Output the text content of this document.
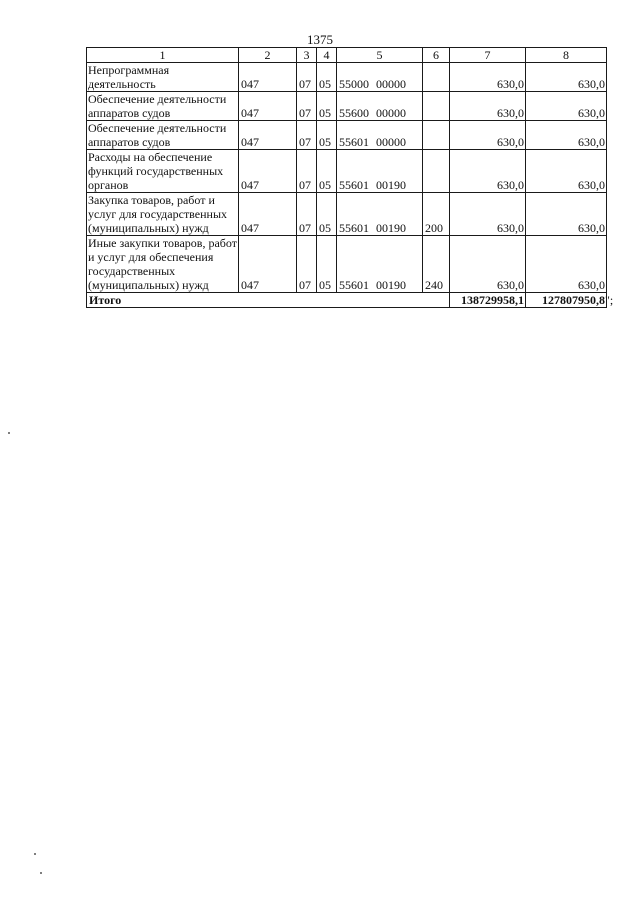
1375
1	2	3	4	5	6	7	8
Непрограммная деятельность	047	07	05	55000 00000		630,0	630,0
Обеспечение деятельности аппаратов судов	047	07	05	55600 00000		630,0	630,0
Обеспечение деятельности аппаратов судов	047	07	05	55601 00000		630,0	630,0
Расходы на обеспечение функций государственных органов	047	07	05	55601 00190		630,0	630,0
Закупка товаров, работ и услуг для государственных (муниципальных) нужд	047	07	05	55601 00190	200	630,0	630,0
Иные закупки товаров, работ и услуг для обеспечения государственных (муниципальных) нужд	047	07	05	55601 00190	240	630,0	630,0
Итого						138729958,1	127807950,8 ";
